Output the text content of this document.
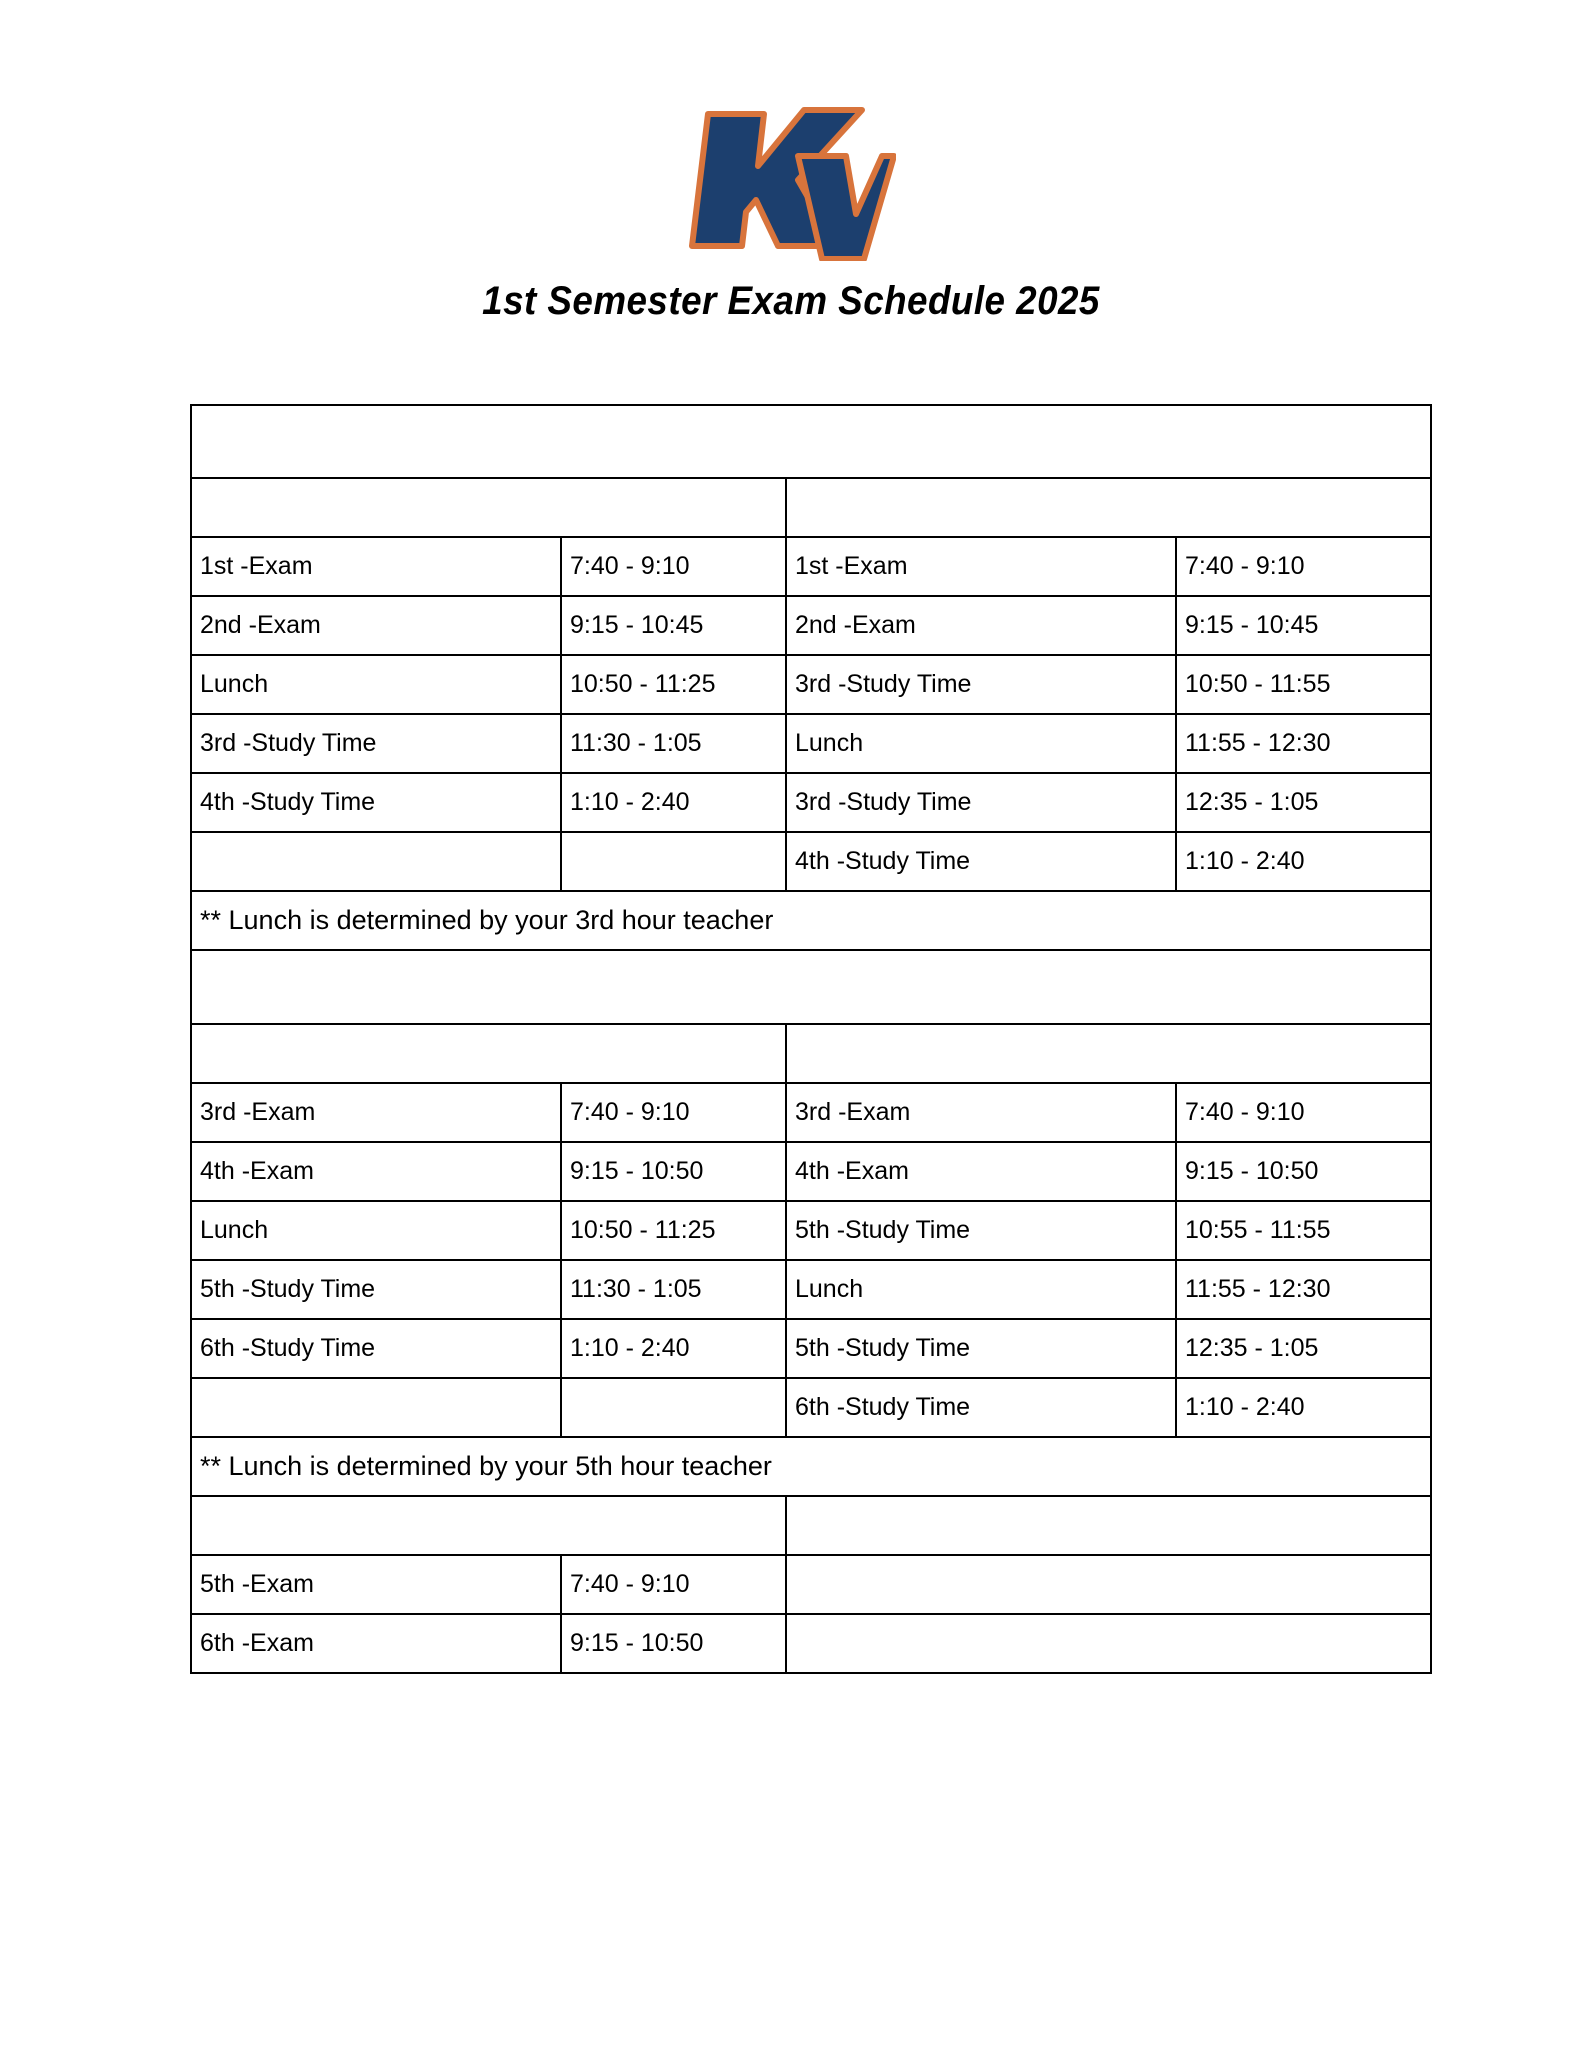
1st Semester Exam Schedule 2025
Wednesday
12/17/2025			

(1st Lunch)		(2nd Lunch)	
1st -Exam	7:40 - 9:10	1st -Exam	7:40 - 9:10
2nd -Exam	9:15 - 10:45	2nd -Exam	9:15 - 10:45
Lunch	10:50 - 11:25	3rd -Study Time	10:50 - 11:55
3rd -Study Time	11:30 - 1:05	Lunch	11:55 - 12:30
4th -Study Time	1:10 - 2:40	3rd -Study Time	12:35 - 1:05
		4th -Study Time	1:10 - 2:40
** Lunch is determined by your 3rd hour teacher			

Thursday
12/18/2025			

(1st Lunch)		(2nd Lunch)	
3rd -Exam	7:40 - 9:10	3rd -Exam	7:40 - 9:10
4th -Exam	9:15 - 10:50	4th -Exam	9:15 - 10:50
Lunch	10:50 - 11:25	5th -Study Time	10:55 - 11:55
5th -Study Time	11:30 - 1:05	Lunch	11:55 - 12:30
6th -Study Time	1:10 - 2:40	5th -Study Time	12:35 - 1:05
		6th -Study Time	1:10 - 2:40
** Lunch is determined by your 5th hour teacher			
Friday 12/19/2025			
5th -Exam	7:40 - 9:10		
6th -Exam	9:15 - 10:50		
